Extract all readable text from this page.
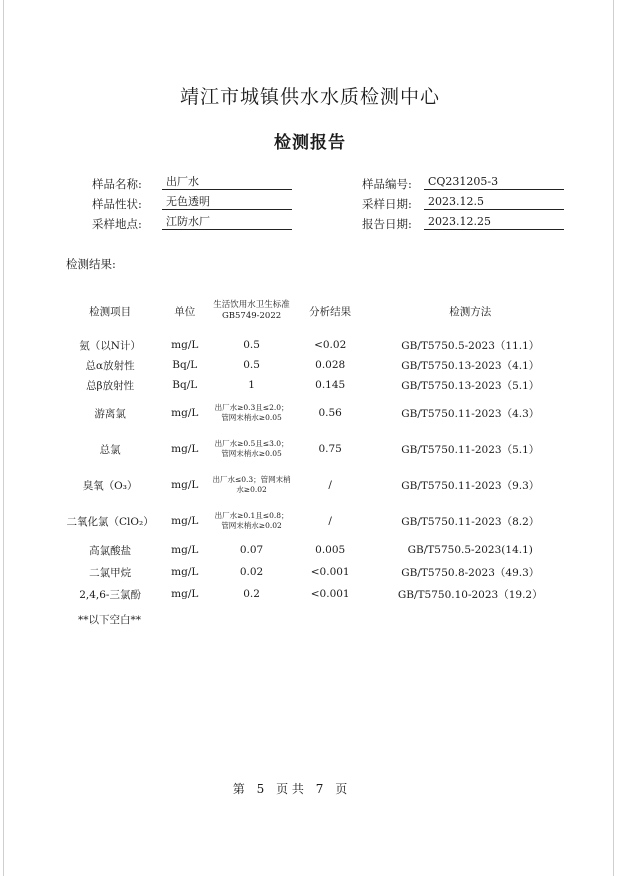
靖江市城镇供水水质检测中心
检测报告
样品名称:	出厂水
样品性状:	无色透明
采样地点:	江防水厂
样品编号:	CQ231205-3
采样日期:	2023.12.5
报告日期:	2023.12.25
检测结果:
检测项目	单位	生活饮用水卫生标准GB5749-2022	分析结果	检测方法
氨（以N计）	mg/L	0.5	<0.02	GB/T5750.5-2023（11.1）
总α放射性	Bq/L	0.5	0.028	GB/T5750.13-2023（4.1）
总β放射性	Bq/L	1	0.145	GB/T5750.13-2023（5.1）
游离氯	mg/L	出厂水≥0.3且≤2.0；管网末梢水≥0.05	0.56	GB/T5750.11-2023（4.3）
总氯	mg/L	出厂水≥0.5且≤3.0；管网末梢水≥0.05	0.75	GB/T5750.11-2023（5.1）
臭氧（O₃）	mg/L	出厂水≤0.3；管网末梢水≥0.02	/	GB/T5750.11-2023（9.3）
二氧化氯（ClO₂）	mg/L	出厂水≥0.1且≤0.8；管网末梢水≥0.02	/	GB/T5750.11-2023（8.2）
高氯酸盐	mg/L	0.07	0.005	GB/T5750.5-2023(14.1)
二氯甲烷	mg/L	0.02	<0.001	GB/T5750.8-2023（49.3）
2,4,6-三氯酚	mg/L	0.2	<0.001	GB/T5750.10-2023（19.2）
**以下空白**
第 5 页 共 7 页
